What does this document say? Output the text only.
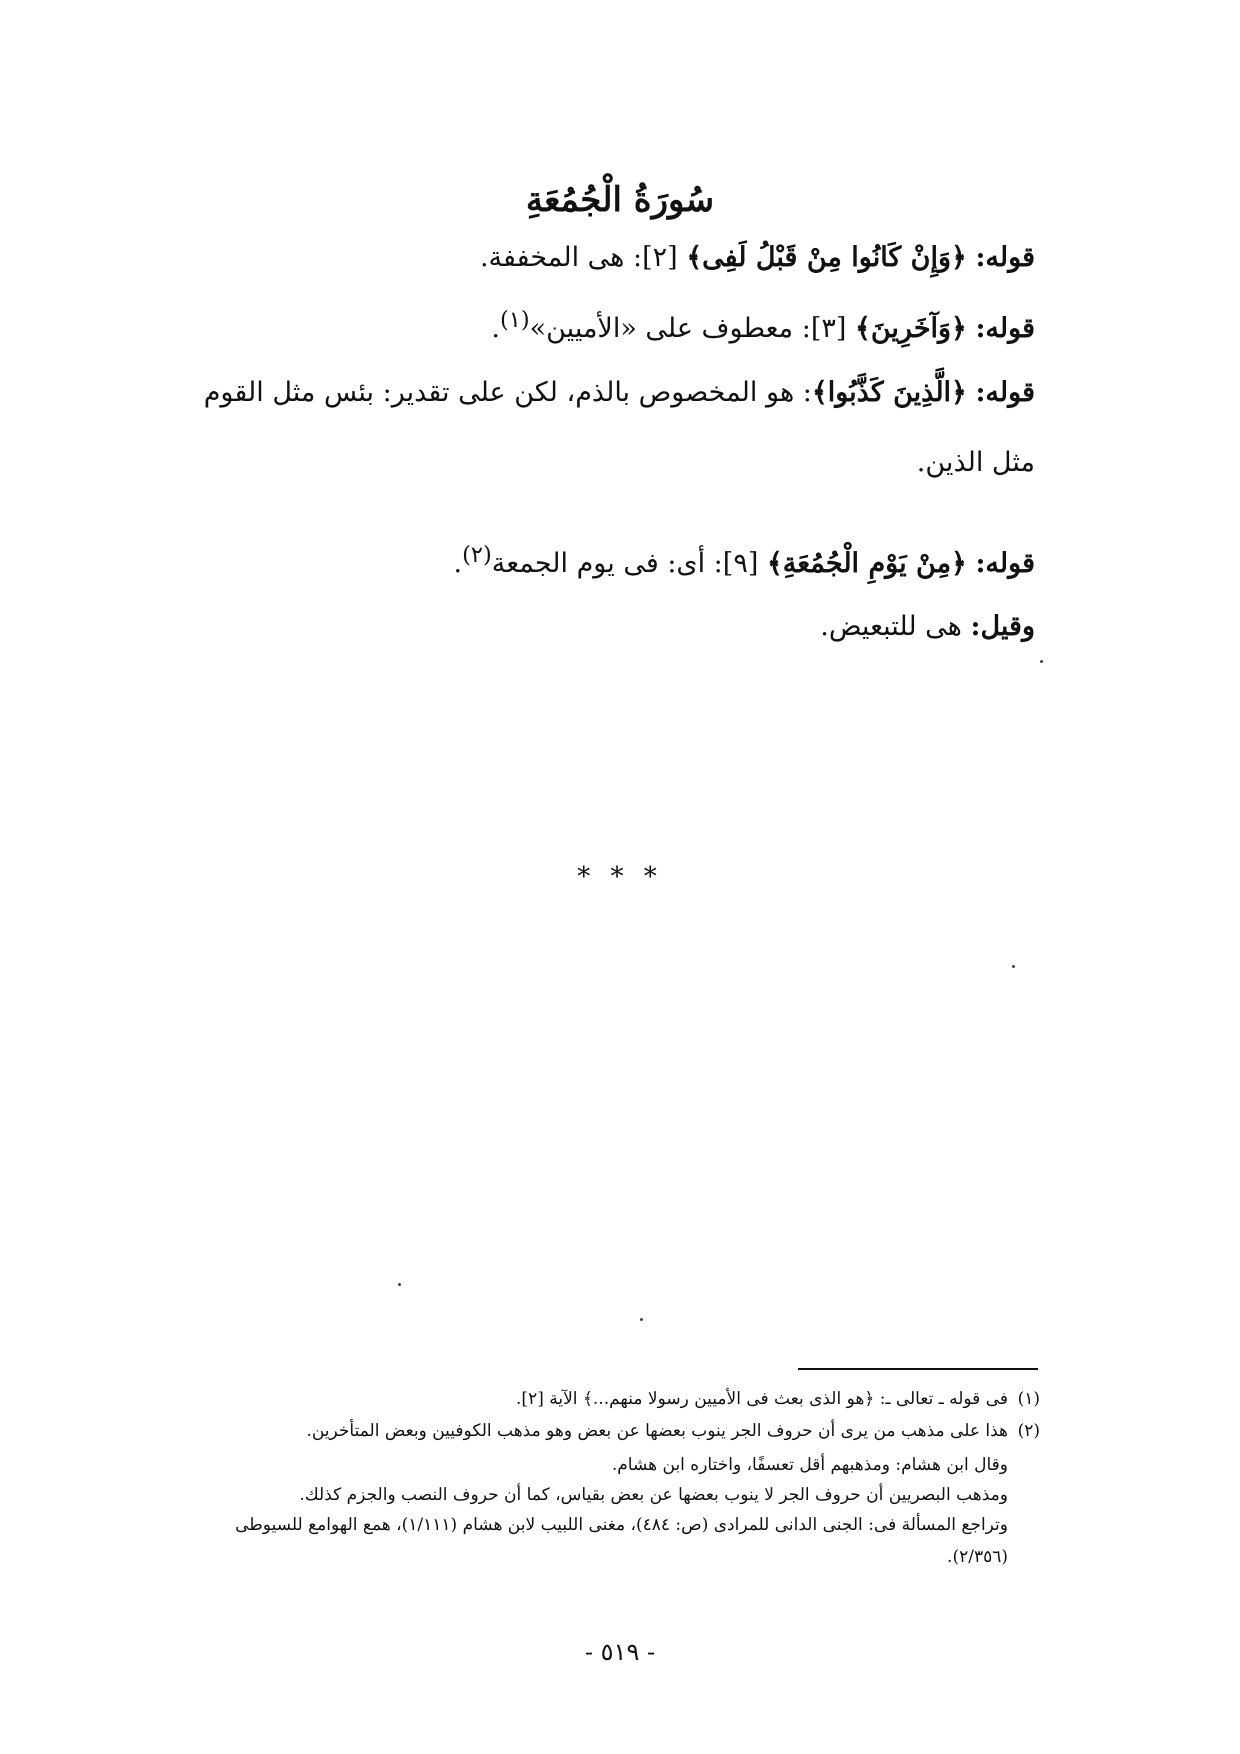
سُورَةُ الْجُمُعَةِ
قوله: ﴿وَإِنْ كَانُوا مِنْ قَبْلُ لَفِى﴾ [٢]: هى المخففة.
قوله: ﴿وَآخَرِينَ﴾ [٣]: معطوف على «الأميين»$^{(١)}$.
قوله: ﴿الَّذِينَ كَذَّبُوا﴾: هو المخصوص بالذم، لكن على تقدير: بئس مثل القوم مثل الذين.
قوله: ﴿مِنْ يَوْمِ الْجُمُعَةِ﴾ [٩]: أى: فى يوم الجمعة$^{(٢)}$.
وقيل: هى للتبعيض.
* * *
(١)فى قوله ـ تعالى ـ: ﴿هو الذى بعث فى الأميين رسولا منهم...﴾ الآية [٢].
(٢)هذا على مذهب من يرى أن حروف الجر ينوب بعضها عن بعض وهو مذهب الكوفيين وبعض المتأخرين.
وقال ابن هشام: ومذهبهم أقل تعسفًا، واختاره ابن هشام.
ومذهب البصريين أن حروف الجر لا ينوب بعضها عن بعض بقياس، كما أن حروف النصب والجزم كذلك.
وتراجع المسألة فى: الجنى الدانى للمرادى (ص: ٤٨٤)، مغنى اللبيب لابن هشام (١/١١١)، همع الهوامع للسيوطى
(٢/٣٥٦).
- ٥١٩ -
